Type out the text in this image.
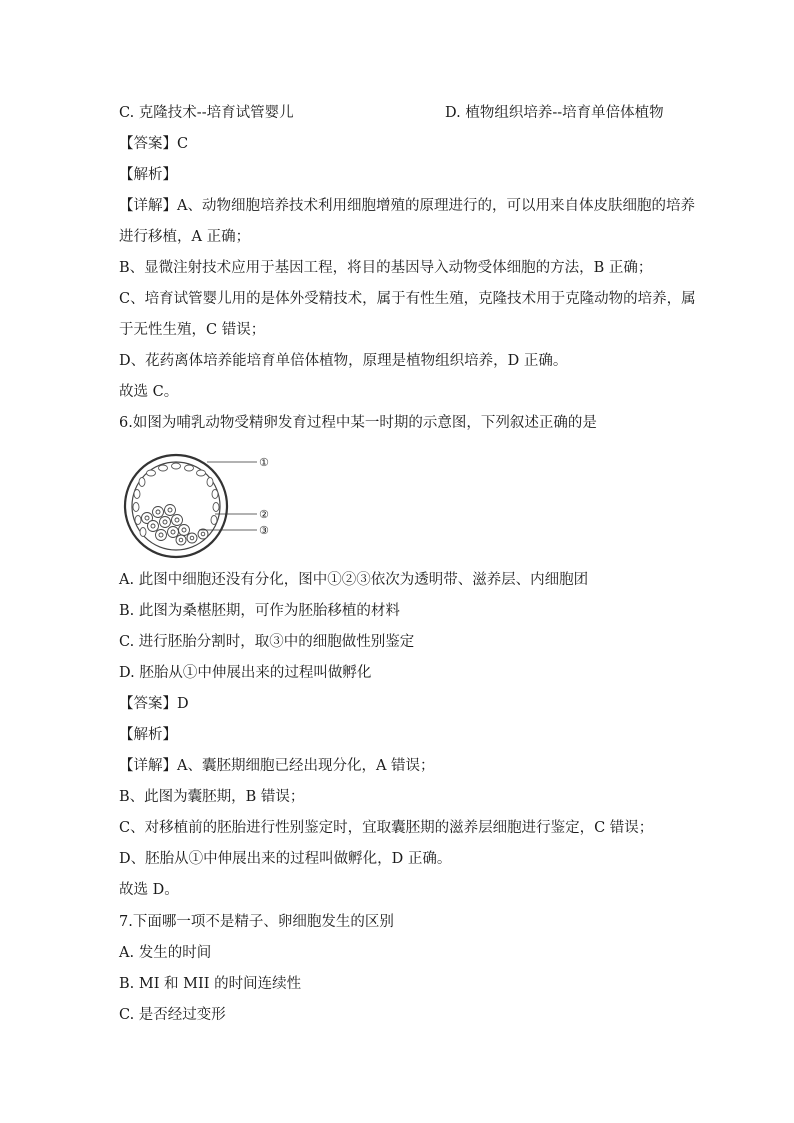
C. 克隆技术--培育试管婴儿	D. 植物组织培养--培育单倍体植物
【答案】C
【解析】
【详解】A、动物细胞培养技术利用细胞增殖的原理进行的，可以用来自体皮肤细胞的培养
进行移植，A 正确；
B、显微注射技术应用于基因工程，将目的基因导入动物受体细胞的方法，B 正确；
C、培育试管婴儿用的是体外受精技术，属于有性生殖，克隆技术用于克隆动物的培养，属
于无性生殖，C 错误；
D、花药离体培养能培育单倍体植物，原理是植物组织培养，D 正确。
故选 C。
6.如图为哺乳动物受精卵发育过程中某一时期的示意图，下列叙述正确的是
①
②
③
A. 此图中细胞还没有分化，图中①②③依次为透明带、滋养层、内细胞团
B. 此图为桑椹胚期，可作为胚胎移植的材料
C. 进行胚胎分割时，取③中的细胞做性别鉴定
D. 胚胎从①中伸展出来的过程叫做孵化
【答案】D
【解析】
【详解】A、囊胚期细胞已经出现分化，A 错误；
B、此图为囊胚期，B 错误；
C、对移植前的胚胎进行性别鉴定时，宜取囊胚期的滋养层细胞进行鉴定，C 错误；
D、胚胎从①中伸展出来的过程叫做孵化，D 正确。
故选 D。
7.下面哪一项不是精子、卵细胞发生的区别
A. 发生的时间
B. MI 和 MII 的时间连续性
C. 是否经过变形
